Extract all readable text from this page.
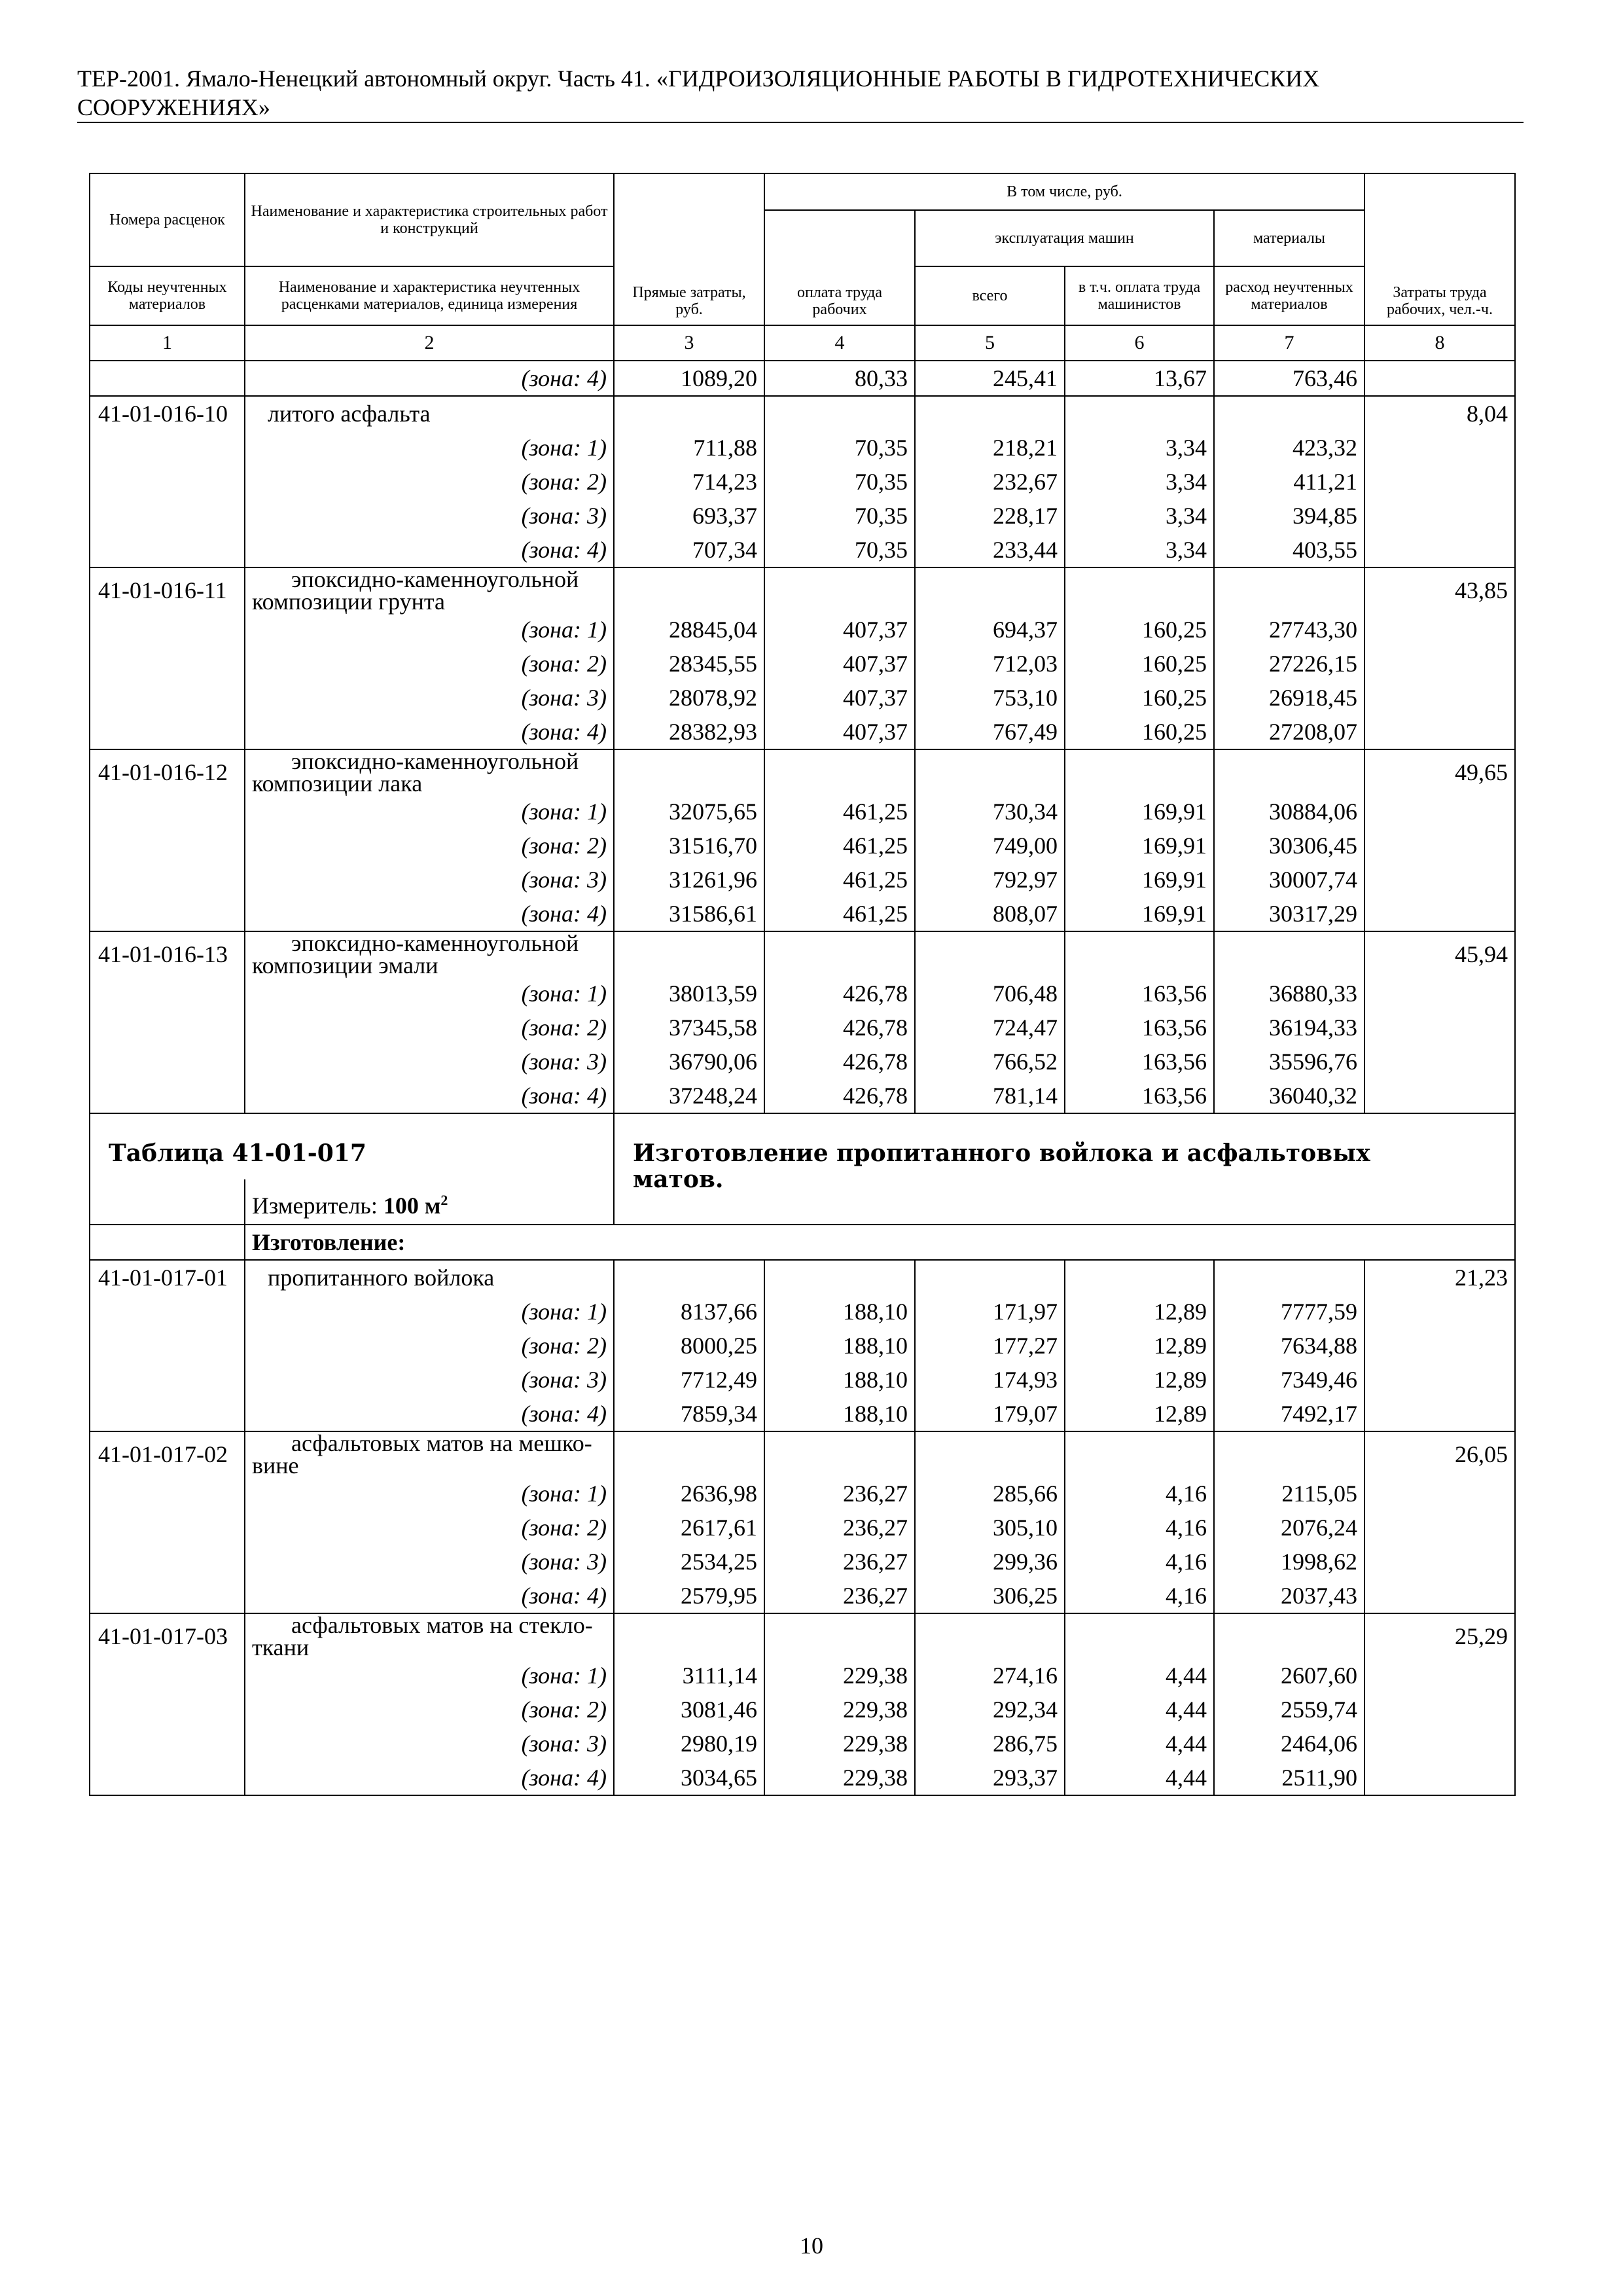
ТЕР-2001. Ямало-Ненецкий автономный округ. Часть 41. «ГИДРОИЗОЛЯЦИОННЫЕ РАБОТЫ В ГИДРОТЕХНИЧЕСКИХ
СООРУЖЕНИЯХ»
Номера расценок	Наименование и характеристика строительных работ и конструкций	Прямые затраты, руб.	В том числе, руб.				Затраты труда рабочих, чел.-ч.
			оплата труда рабочих	эксплуатация машин		материалы	
Коды неучтенных материалов	Наименование и характеристика неучтенных расценками материалов, единица измерения			всего	в т.ч. оплата труда машинистов	расход неучтенных материалов	
1	2	3	4	5	6	7	8
	(зона: 4)	1089,20	80,33	245,41	13,67	763,46	
41-01-016-10	литого асфальта						8,04
	(зона: 1)	711,88	70,35	218,21	3,34	423,32	
	(зона: 2)	714,23	70,35	232,67	3,34	411,21	
	(зона: 3)	693,37	70,35	228,17	3,34	394,85	
	(зона: 4)	707,34	70,35	233,44	3,34	403,55	
41-01-016-11	эпоксидно-каменноугольной
композиции грунта						43,85
	(зона: 1)	28845,04	407,37	694,37	160,25	27743,30	
	(зона: 2)	28345,55	407,37	712,03	160,25	27226,15	
	(зона: 3)	28078,92	407,37	753,10	160,25	26918,45	
	(зона: 4)	28382,93	407,37	767,49	160,25	27208,07	
41-01-016-12	эпоксидно-каменноугольной
композиции лака						49,65
	(зона: 1)	32075,65	461,25	730,34	169,91	30884,06	
	(зона: 2)	31516,70	461,25	749,00	169,91	30306,45	
	(зона: 3)	31261,96	461,25	792,97	169,91	30007,74	
	(зона: 4)	31586,61	461,25	808,07	169,91	30317,29	
41-01-016-13	эпоксидно-каменноугольной
композиции эмали						45,94
	(зона: 1)	38013,59	426,78	706,48	163,56	36880,33	
	(зона: 2)	37345,58	426,78	724,47	163,56	36194,33	
	(зона: 3)	36790,06	426,78	766,52	163,56	35596,76	
	(зона: 4)	37248,24	426,78	781,14	163,56	36040,32	
Таблица 41-01-017		Изготовление пропитанного войлока и асфальтовых матов.					
	Измеритель: 100 $м^2$
	Изготовление:						
41-01-017-01	пропитанного войлока						21,23
	(зона: 1)	8137,66	188,10	171,97	12,89	7777,59	
	(зона: 2)	8000,25	188,10	177,27	12,89	7634,88	
	(зона: 3)	7712,49	188,10	174,93	12,89	7349,46	
	(зона: 4)	7859,34	188,10	179,07	12,89	7492,17	
41-01-017-02	асфальтовых матов на мешко-
вине						26,05
	(зона: 1)	2636,98	236,27	285,66	4,16	2115,05	
	(зона: 2)	2617,61	236,27	305,10	4,16	2076,24	
	(зона: 3)	2534,25	236,27	299,36	4,16	1998,62	
	(зона: 4)	2579,95	236,27	306,25	4,16	2037,43	
41-01-017-03	асфальтовых матов на стекло-
ткани						25,29
	(зона: 1)	3111,14	229,38	274,16	4,44	2607,60	
	(зона: 2)	3081,46	229,38	292,34	4,44	2559,74	
	(зона: 3)	2980,19	229,38	286,75	4,44	2464,06	
	(зона: 4)	3034,65	229,38	293,37	4,44	2511,90	
10
